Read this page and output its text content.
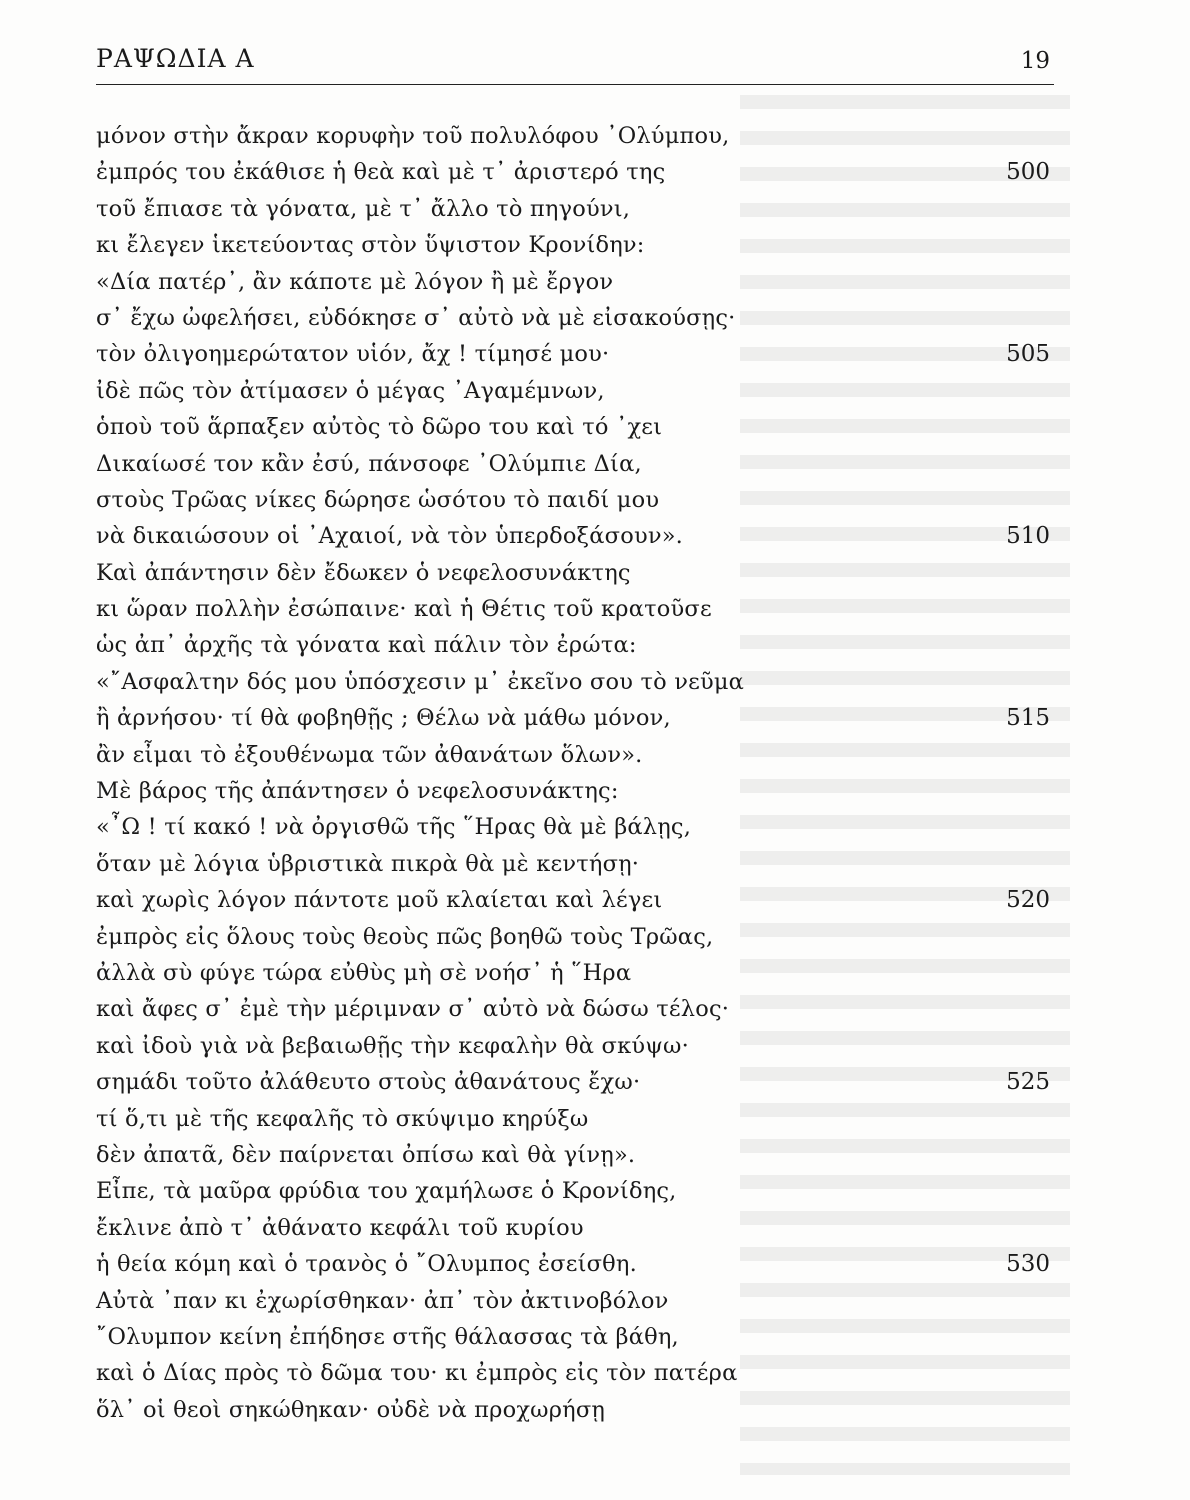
ΡΑΨΩΔΙΑ Α	19
μόνον στὴν ἄκραν κορυφὴν τοῦ πολυλόφου ᾿Ολύμπου,
ἐμπρός του ἐκάθισε ἡ θεὰ καὶ μὲ τ᾿ ἀριστερό της	500
τοῦ ἔπιασε τὰ γόνατα, μὲ τ᾿ ἄλλο τὸ πηγούνι,
κι ἔλεγεν ἱκετεύοντας στὸν ὕψιστον Κρονίδην:
«Δία πατέρ᾿, ἂν κάποτε μὲ λόγον ἢ μὲ ἔργον
σ᾿ ἔχω ὠφελήσει, εὐδόκησε σ᾿ αὐτὸ νὰ μὲ εἰσακούσῃς·
τὸν ὀλιγοημερώτατον υἱόν, ἄχ ! τίμησέ μου·	505
ἰδὲ πῶς τὸν ἀτίμασεν ὁ μέγας ᾿Αγαμέμνων,
ὁποὺ τοῦ ἅρπαξεν αὐτὸς τὸ δῶρο του καὶ τό ᾿χει
Δικαίωσέ τον κἂν ἐσύ, πάνσοφε ᾿Ολύμπιε Δία,
στοὺς Τρῶας νίκες δώρησε ὡσότου τὸ παιδί μου
νὰ δικαιώσουν οἱ ᾿Αχαιοί, νὰ τὸν ὑπερδοξάσουν».	510
Καὶ ἀπάντησιν δὲν ἔδωκεν ὁ νεφελοσυνάκτης
κι ὥραν πολλὴν ἐσώπαινε· καὶ ἡ Θέτις τοῦ κρατοῦσε
ὡς ἀπ᾿ ἀρχῆς τὰ γόνατα καὶ πάλιν τὸν ἐρώτα:
«῎Ασφαλτην δός μου ὑπόσχεσιν μ᾿ ἐκεῖνο σου τὸ νεῦμα
ἢ ἀρνήσου· τί θὰ φοβηθῇς ; Θέλω νὰ μάθω μόνον,	515
ἂν εἶμαι τὸ ἐξουθένωμα τῶν ἀθανάτων ὅλων».
Μὲ βάρος τῆς ἀπάντησεν ὁ νεφελοσυνάκτης:
«῏Ω ! τί κακό ! νὰ ὀργισθῶ τῆς ῞Ηρας θὰ μὲ βάλῃς,
ὅταν μὲ λόγια ὑβριστικὰ πικρὰ θὰ μὲ κεντήσῃ·
καὶ χωρὶς λόγον πάντοτε μοῦ κλαίεται καὶ λέγει	520
ἐμπρὸς εἰς ὅλους τοὺς θεοὺς πῶς βοηθῶ τοὺς Τρῶας,
ἀλλὰ σὺ φύγε τώρα εὐθὺς μὴ σὲ νοήσ᾿ ἡ ῞Ηρα
καὶ ἄφες σ᾿ ἐμὲ τὴν μέριμναν σ᾿ αὐτὸ νὰ δώσω τέλος·
καὶ ἰδοὺ γιὰ νὰ βεβαιωθῇς τὴν κεφαλὴν θὰ σκύψω·
σημάδι τοῦτο ἀλάθευτο στοὺς ἀθανάτους ἔχω·	525
τί ὅ,τι μὲ τῆς κεφαλῆς τὸ σκύψιμο κηρύξω
δὲν ἀπατᾶ, δὲν παίρνεται ὀπίσω καὶ θὰ γίνῃ».
Εἶπε, τὰ μαῦρα φρύδια του χαμήλωσε ὁ Κρονίδης,
ἔκλινε ἀπὸ τ᾿ ἀθάνατο κεφάλι τοῦ κυρίου
ἡ θεία κόμη καὶ ὁ τρανὸς ὁ ῎Ολυμπος ἐσείσθη.	530
Αὐτὰ ᾿παν κι ἐχωρίσθηκαν· ἀπ᾿ τὸν ἀκτινοβόλον
῎Ολυμπον κείνη ἐπήδησε στῆς θάλασσας τὰ βάθη,
καὶ ὁ Δίας πρὸς τὸ δῶμα του· κι ἐμπρὸς εἰς τὸν πατέρα
ὅλ᾿ οἱ θεοὶ σηκώθηκαν· οὐδὲ νὰ προχωρήσῃ
